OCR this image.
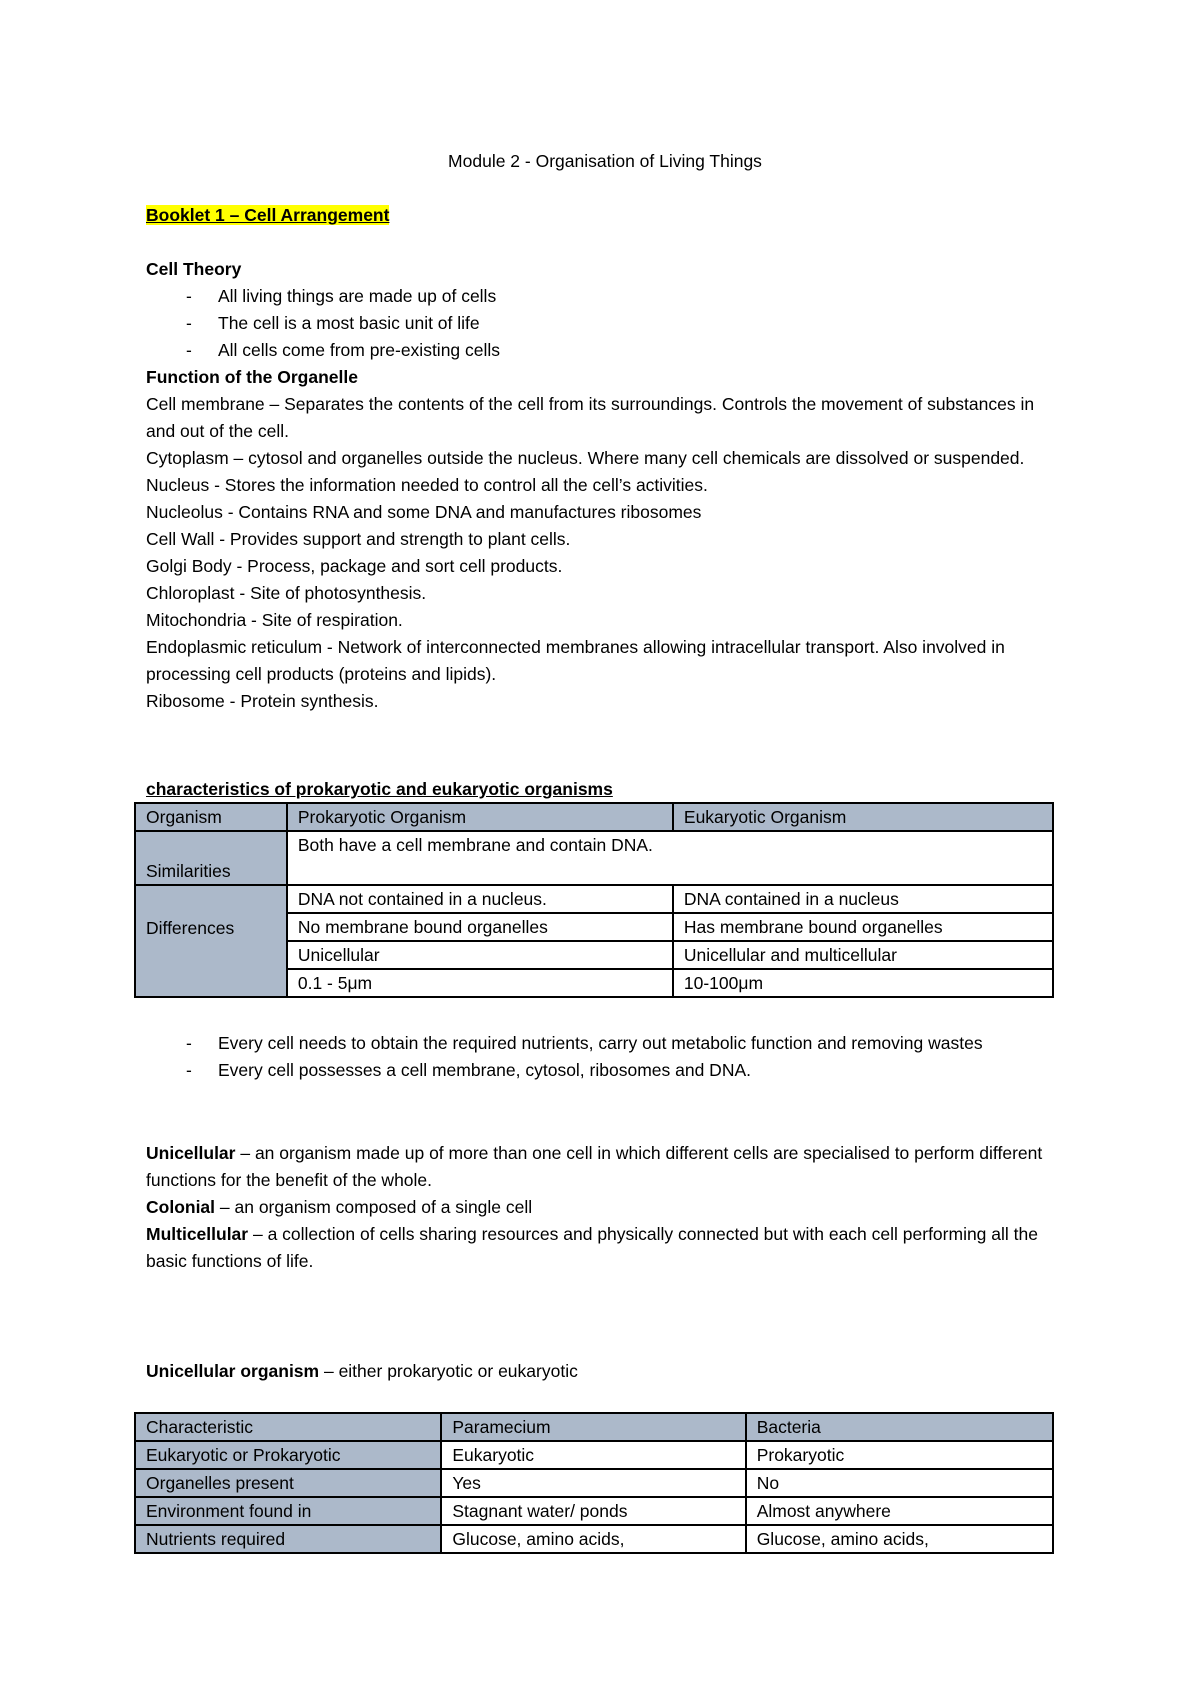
Module 2 - Organisation of Living Things
Booklet 1 – Cell Arrangement
Cell Theory
- All living things are made up of cells
- The cell is a most basic unit of life
- All cells come from pre-existing cells
Function of the Organelle

Cell membrane – Separates the contents of the cell from its surroundings. Controls the movement of substances in and out of the cell.

Cytoplasm – cytosol and organelles outside the nucleus. Where many cell chemicals are dissolved or suspended.

Nucleus - Stores the information needed to control all the cell’s activities.

Nucleolus - Contains RNA and some DNA and manufactures ribosomes

Cell Wall - Provides support and strength to plant cells.

Golgi Body - Process, package and sort cell products.

Chloroplast - Site of photosynthesis.

Mitochondria - Site of respiration.

Endoplasmic reticulum - Network of interconnected membranes allowing intracellular transport. Also involved in processing cell products (proteins and lipids).

Ribosome - Protein synthesis.

characteristics of prokaryotic and eukaryotic organisms
Organism	Prokaryotic Organism	Eukaryotic Organism
Similarities	Both have a cell membrane and contain DNA.	
Differences	DNA not contained in a nucleus.	DNA contained in a nucleus
	No membrane bound organelles	Has membrane bound organelles
	Unicellular	Unicellular and multicellular
	0.1 - 5μm	10-100μm
- Every cell needs to obtain the required nutrients, carry out metabolic function and removing wastes
- Every cell possesses a cell membrane, cytosol, ribosomes and DNA.

Unicellular – an organism made up of more than one cell in which different cells are specialised to perform different functions for the benefit of the whole.

Colonial – an organism composed of a single cell

Multicellular – a collection of cells sharing resources and physically connected but with each cell performing all the basic functions of life.

Unicellular organism – either prokaryotic or eukaryotic
Characteristic	Paramecium	Bacteria
Eukaryotic or Prokaryotic	Eukaryotic	Prokaryotic
Organelles present	Yes	No
Environment found in	Stagnant water/ ponds	Almost anywhere
Nutrients required	Glucose, amino acids,	Glucose, amino acids,
